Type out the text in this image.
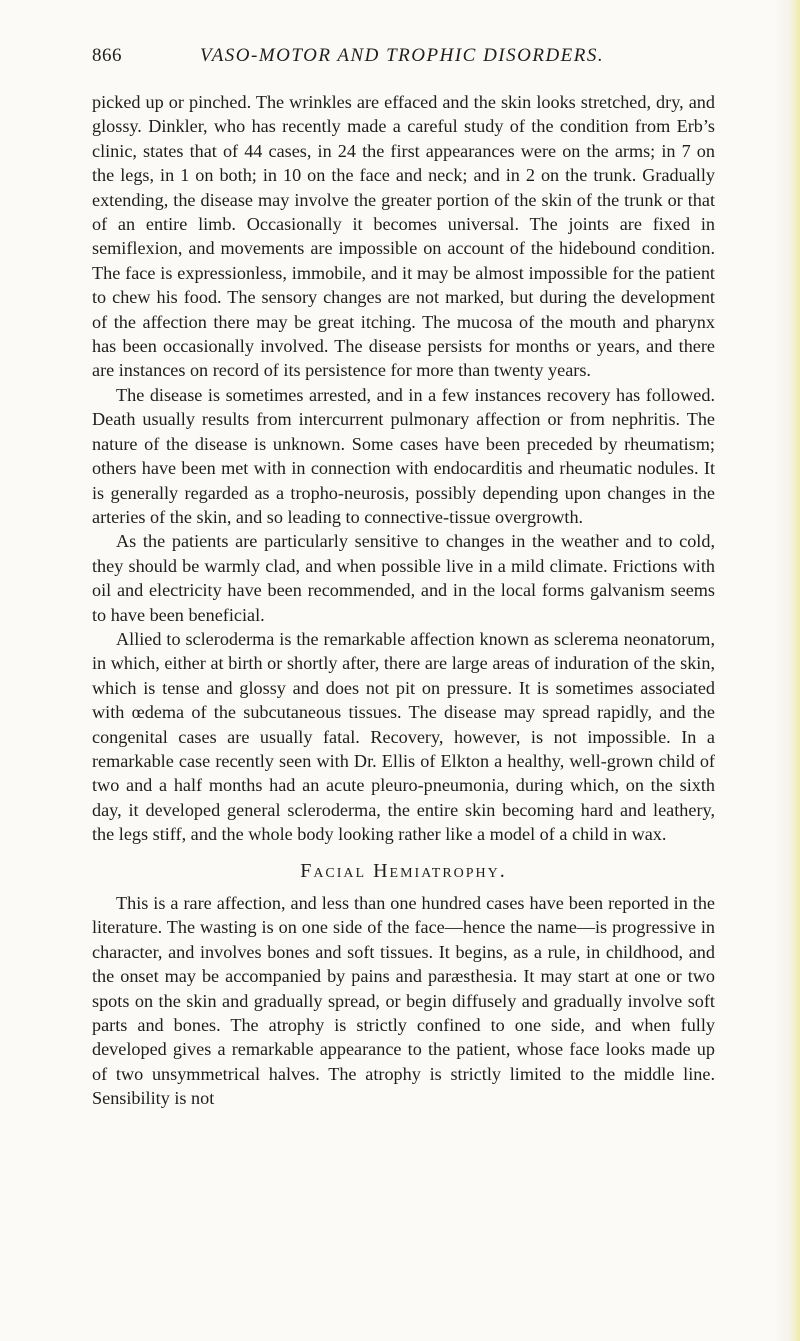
866	VASO-MOTOR AND TROPHIC DISORDERS.

picked up or pinched. The wrinkles are effaced and the skin looks stretched, dry, and glossy. Dinkler, who has recently made a careful study of the condition from Erb’s clinic, states that of 44 cases, in 24 the first appearances were on the arms; in 7 on the legs, in 1 on both; in 10 on the face and neck; and in 2 on the trunk. Gradually extending, the disease may involve the greater portion of the skin of the trunk or that of an entire limb. Occasionally it becomes universal. The joints are fixed in semiflexion, and movements are impossible on account of the hidebound condition. The face is expressionless, immobile, and it may be almost impossible for the patient to chew his food. The sensory changes are not marked, but during the development of the affection there may be great itching. The mucosa of the mouth and pharynx has been occasionally involved. The disease persists for months or years, and there are instances on record of its persistence for more than twenty years.

The disease is sometimes arrested, and in a few instances recovery has followed. Death usually results from intercurrent pulmonary affection or from nephritis. The nature of the disease is unknown. Some cases have been preceded by rheumatism; others have been met with in connection with endocarditis and rheumatic nodules. It is generally regarded as a tropho-neurosis, possibly depending upon changes in the arteries of the skin, and so leading to connective-tissue overgrowth.

As the patients are particularly sensitive to changes in the weather and to cold, they should be warmly clad, and when possible live in a mild climate. Frictions with oil and electricity have been recommended, and in the local forms galvanism seems to have been beneficial.

Allied to scleroderma is the remarkable affection known as sclerema neonatorum, in which, either at birth or shortly after, there are large areas of induration of the skin, which is tense and glossy and does not pit on pressure. It is sometimes associated with œdema of the subcutaneous tissues. The disease may spread rapidly, and the congenital cases are usually fatal. Recovery, however, is not impossible. In a remarkable case recently seen with Dr. Ellis of Elkton a healthy, well-grown child of two and a half months had an acute pleuro-pneumonia, during which, on the sixth day, it developed general scleroderma, the entire skin becoming hard and leathery, the legs stiff, and the whole body looking rather like a model of a child in wax.

Facial Hemiatrophy.

This is a rare affection, and less than one hundred cases have been reported in the literature. The wasting is on one side of the face—hence the name—is progressive in character, and involves bones and soft tissues. It begins, as a rule, in childhood, and the onset may be accompanied by pains and paræsthesia. It may start at one or two spots on the skin and gradually spread, or begin diffusely and gradually involve soft parts and bones. The atrophy is strictly confined to one side, and when fully developed gives a remarkable appearance to the patient, whose face looks made up of two unsymmetrical halves. The atrophy is strictly limited to the middle line. Sensibility is not
